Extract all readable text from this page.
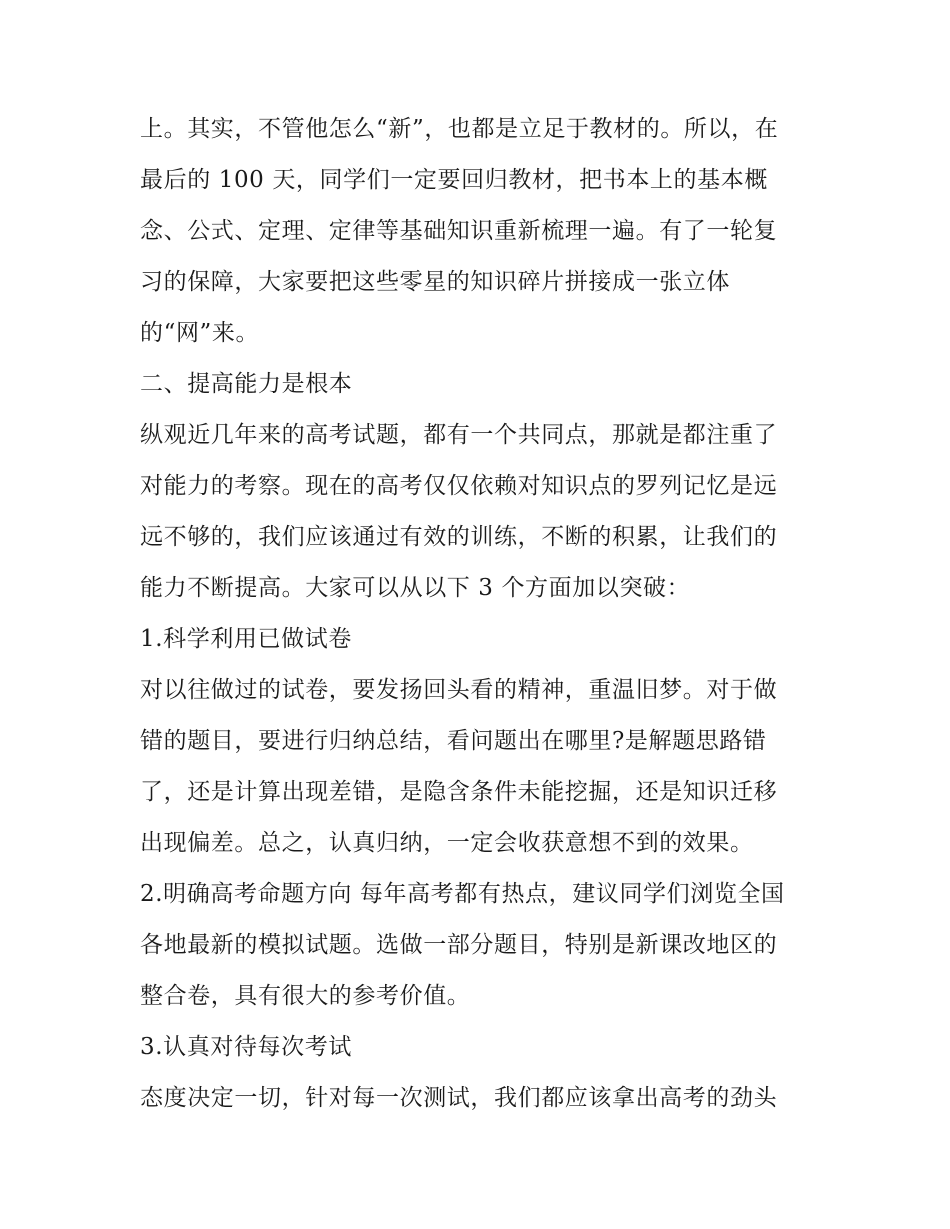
上。其实，不管他怎么“新”，也都是立足于教材的。所以，在
最后的 100 天，同学们一定要回归教材，把书本上的基本概
念、公式、定理、定律等基础知识重新梳理一遍。有了一轮复
习的保障，大家要把这些零星的知识碎片拼接成一张立体
的“网”来。
二、提高能力是根本
纵观近几年来的高考试题，都有一个共同点，那就是都注重了
对能力的考察。现在的高考仅仅依赖对知识点的罗列记忆是远
远不够的，我们应该通过有效的训练，不断的积累，让我们的
能力不断提高。大家可以从以下 3 个方面加以突破：
1.科学利用已做试卷
对以往做过的试卷，要发扬回头看的精神，重温旧梦。对于做
错的题目，要进行归纳总结，看问题出在哪里?是解题思路错
了，还是计算出现差错，是隐含条件未能挖掘，还是知识迁移
出现偏差。总之，认真归纳，一定会收获意想不到的效果。
2.明确高考命题方向 每年高考都有热点，建议同学们浏览全国
各地最新的模拟试题。选做一部分题目，特别是新课改地区的
整合卷，具有很大的参考价值。
3.认真对待每次考试
态度决定一切，针对每一次测试，我们都应该拿出高考的劲头
